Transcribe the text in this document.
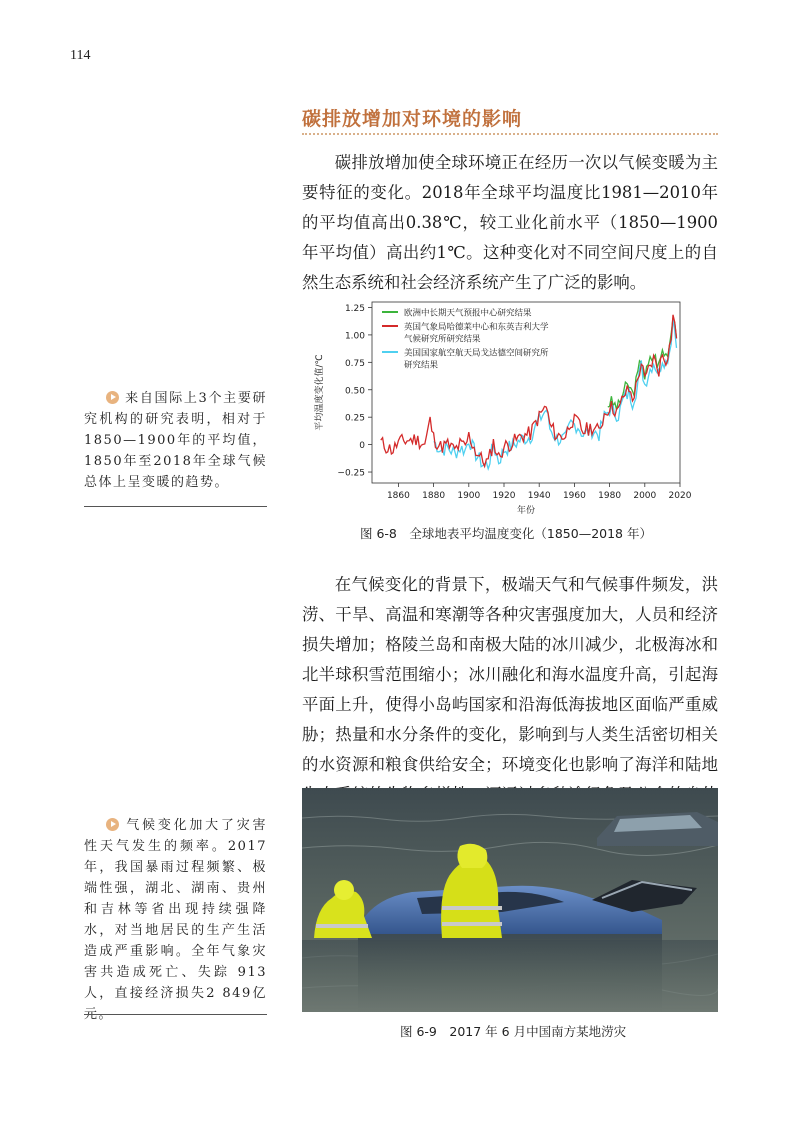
114
碳排放增加对环境的影响

碳排放增加使全球环境正在经历一次以气候变暖为主要特征的变化。2018年全球平均温度比1981—2010年的平均值高出0.38℃，较工业化前水平（1850—1900年平均值）高出约1℃。这种变化对不同空间尺度上的自然生态系统和社会经济系统产生了广泛的影响。

来自国际上3个主要研究机构的研究表明，相对于1850—1900年的平均值，1850年至2018年全球气候总体上呈变暖的趋势。
−0.25
0
0.25
0.50
0.75
1.00
1.25
1860 1880 1900 1920 1940 1960 1980 2000 2020
年份
平均温度变化值/℃
欧洲中长期天气预报中心研究结果
英国气象局哈德莱中心和东英吉利大学
气候研究所研究结果
美国国家航空航天局戈达德空间研究所
研究结果
图 6-8　全球地表平均温度变化（1850—2018 年）

在气候变化的背景下，极端天气和气候事件频发，洪涝、干旱、高温和寒潮等各种灾害强度加大，人员和经济损失增加；格陵兰岛和南极大陆的冰川减少，北极海冰和北半球积雪范围缩小；冰川融化和海水温度升高，引起海平面上升，使得小岛屿国家和沿海低海拔地区面临严重威胁；热量和水分条件的变化，影响到与人类生活密切相关的水资源和粮食供给安全；环境变化也影响了海洋和陆地

图 6-9　2017 年 6 月中国南方某地涝灾
气候变化加大了灾害性天气发生的频率。2017年，我国暴雨过程频繁、极端性强，湖北、湖南、贵州和吉林等省出现持续强降水，对当地居民的生产生活造成严重影响。全年气象灾害共造成死亡、失踪 913人，直接经济损失2 849亿元。
